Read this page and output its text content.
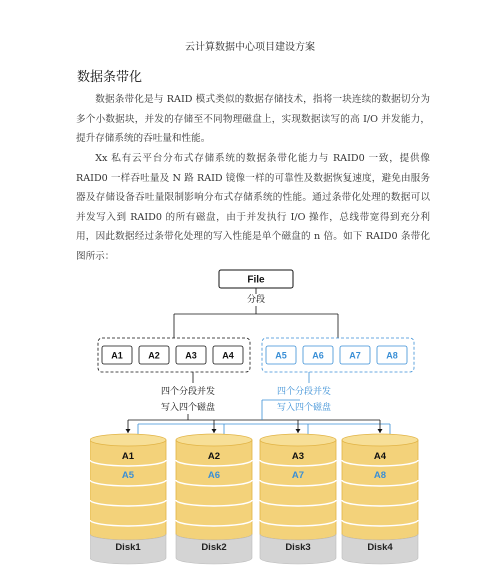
云计算数据中心项目建设方案
数据条带化

数据条带化是与 RAID 模式类似的数据存储技术，指将一块连续的数据切分为多个小数据块，并发的存储至不同物理磁盘上，实现数据读写的高 I/O 并发能力，提升存储系统的吞吐量和性能。

Xx 私有云平台分布式存储系统的数据条带化能力与 RAID0 一致，提供像RAID0 一样吞吐量及 N 路 RAID 镜像一样的可靠性及数据恢复速度，避免由服务器及存储设备吞吐量限制影响分布式存储系统的性能。通过条带化处理的数据可以并发写入到 RAID0 的所有磁盘，由于并发执行 I/O 操作，总线带宽得到充分利用，因此数据经过条带化处理的写入性能是单个磁盘的 n 倍。如下 RAID0 条带化图所示：

File
分段
A1	A2	A3	A4	A5	A6	A7	A8
四个分段并发
写入四个磁盘
四个分段并发
写入四个磁盘
A1
A5
Disk1
A2
A6
Disk2
A3
A7
Disk3
A4
A8
Disk4
